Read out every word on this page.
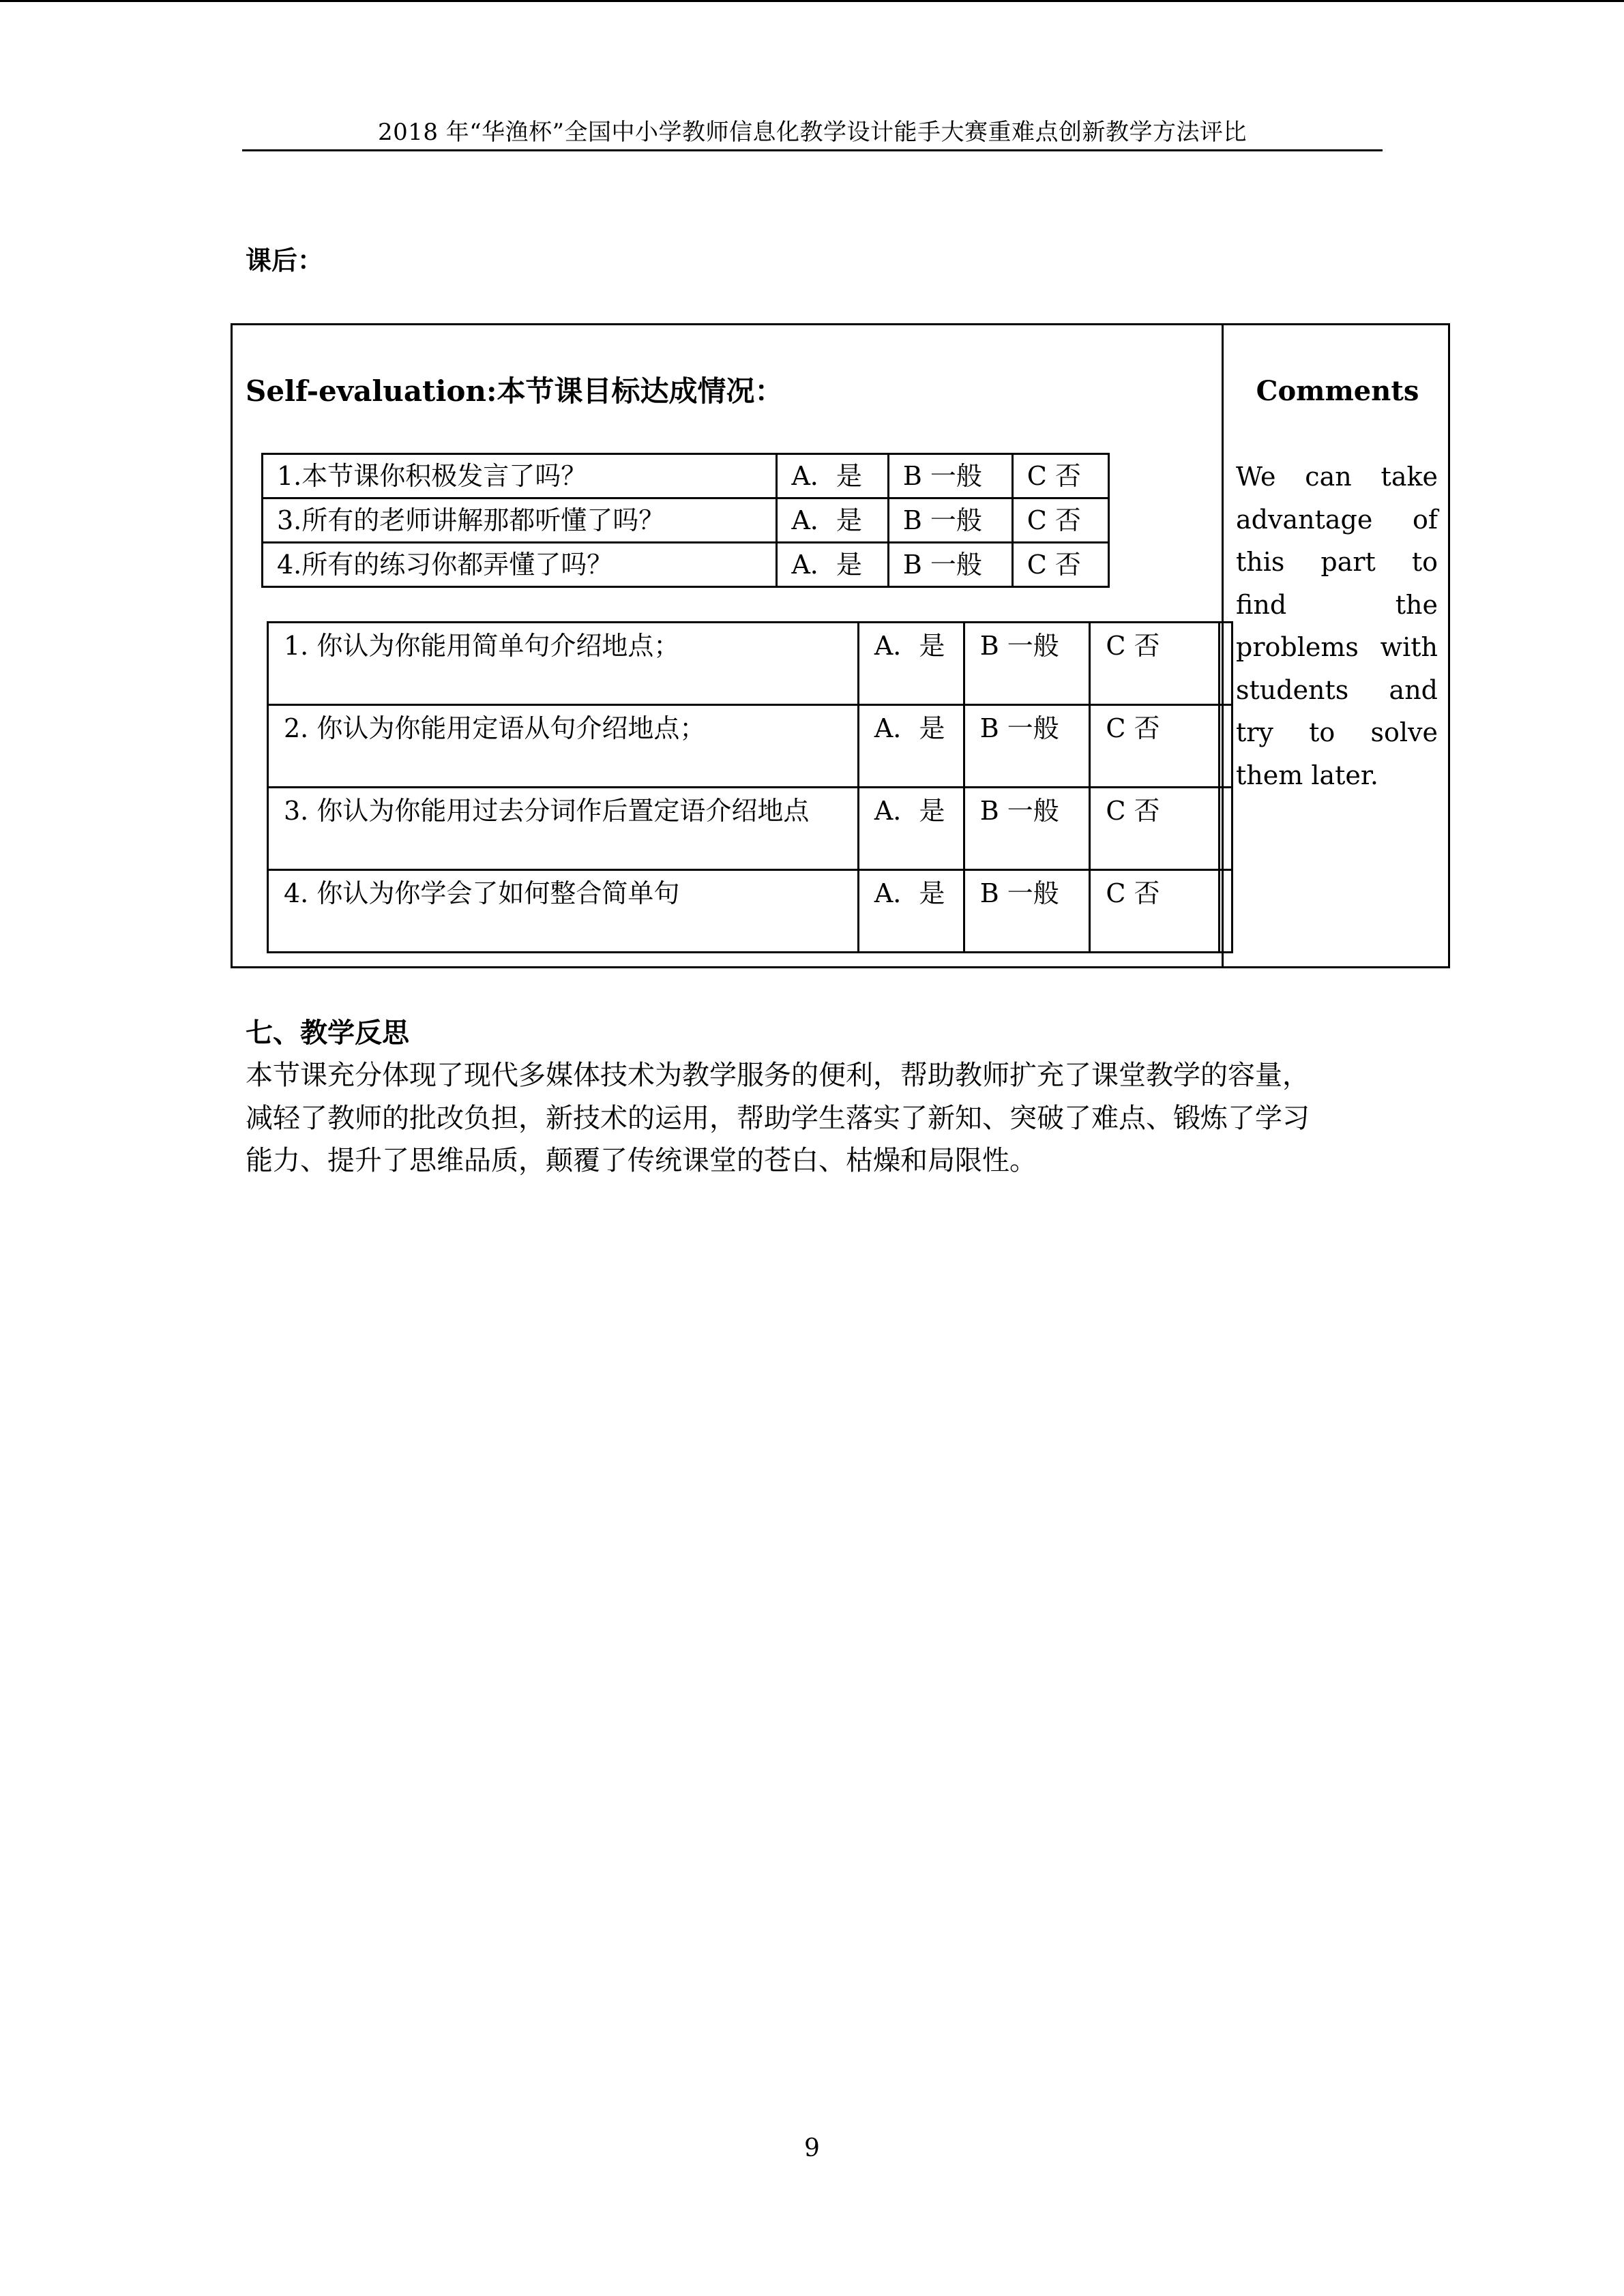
2018 年“华渔杯”全国中小学教师信息化教学设计能手大赛重难点创新教学方法评比
课后：
Self-evaluation:本节课目标达成情况：
1.本节课你积极发言了吗？	A．是	B 一般	C 否
3.所有的老师讲解那都听懂了吗？	A．是	B 一般	C 否
4.所有的练习你都弄懂了吗？	A．是	B 一般	C 否
1. 你认为你能用简单句介绍地点；	A．是	B 一般	C 否	
2. 你认为你能用定语从句介绍地点；	A．是	B 一般	C 否	
3. 你认为你能用过去分词作后置定语介绍地点	A．是	B 一般	C 否	
4. 你认为你学会了如何整合简单句	A．是	B 一般	C 否	
Comments
We can take advantage of this part to find the problems with students and try to solve them later.
七、教学反思
本节课充分体现了现代多媒体技术为教学服务的便利，帮助教师扩充了课堂教学的容量，
减轻了教师的批改负担，新技术的运用，帮助学生落实了新知、突破了难点、锻炼了学习
能力、提升了思维品质，颠覆了传统课堂的苍白、枯燥和局限性。
9
